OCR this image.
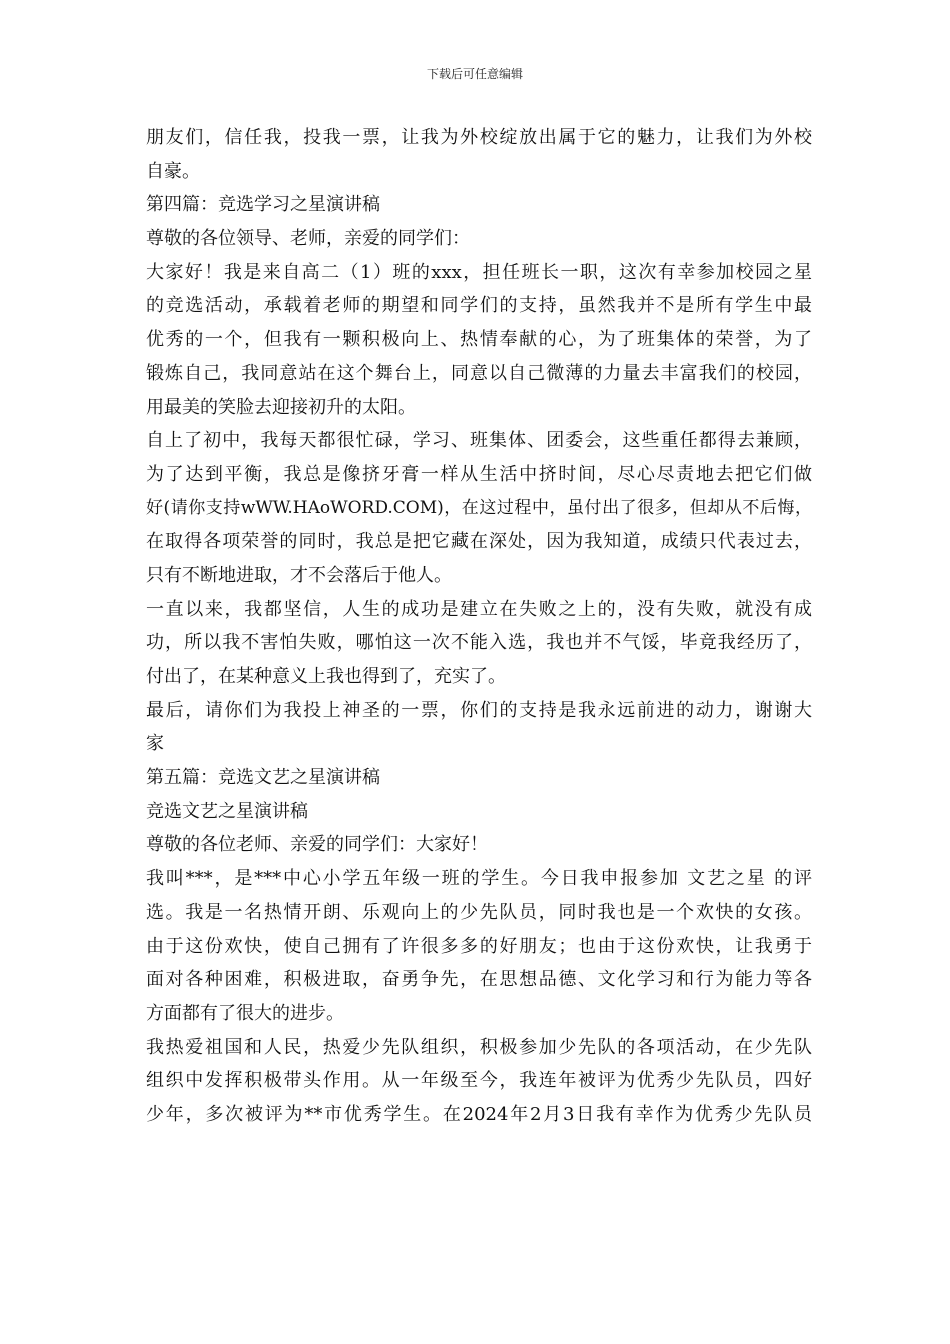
下载后可任意编辑
朋友们，信任我，投我一票，让我为外校绽放出属于它的魅力，让我们为外校
自豪。
第四篇：竞选学习之星演讲稿
尊敬的各位领导、老师，亲爱的同学们：
大家好！我是来自高二（1）班的xxx，担任班长一职，这次有幸参加校园之星
的竞选活动，承载着老师的期望和同学们的支持，虽然我并不是所有学生中最
优秀的一个，但我有一颗积极向上、热情奉献的心，为了班集体的荣誉，为了
锻炼自己，我同意站在这个舞台上，同意以自己微薄的力量去丰富我们的校园，
用最美的笑脸去迎接初升的太阳。
自上了初中，我每天都很忙碌，学习、班集体、团委会，这些重任都得去兼顾，
为了达到平衡，我总是像挤牙膏一样从生活中挤时间，尽心尽责地去把它们做
好(请你支持wWW.HAoWORD.COM)，在这过程中，虽付出了很多，但却从不后悔，
在取得各项荣誉的同时，我总是把它藏在深处，因为我知道，成绩只代表过去，
只有不断地进取，才不会落后于他人。
一直以来，我都坚信，人生的成功是建立在失败之上的，没有失败，就没有成
功，所以我不害怕失败，哪怕这一次不能入选，我也并不气馁，毕竟我经历了，
付出了，在某种意义上我也得到了，充实了。
最后，请你们为我投上神圣的一票，你们的支持是我永远前进的动力，谢谢大
家
第五篇：竞选文艺之星演讲稿
竞选文艺之星演讲稿
尊敬的各位老师、亲爱的同学们：大家好！
我叫***，是***中心小学五年级一班的学生。今日我申报参加 文艺之星 的评
选。我是一名热情开朗、乐观向上的少先队员，同时我也是一个欢快的女孩。
由于这份欢快，使自己拥有了许很多多的好朋友；也由于这份欢快，让我勇于
面对各种困难，积极进取，奋勇争先，在思想品德、文化学习和行为能力等各
方面都有了很大的进步。
我热爱祖国和人民，热爱少先队组织，积极参加少先队的各项活动，在少先队
组织中发挥积极带头作用。从一年级至今，我连年被评为优秀少先队员，四好
少年，多次被评为**市优秀学生。在2024年2月3日我有幸作为优秀少先队员
